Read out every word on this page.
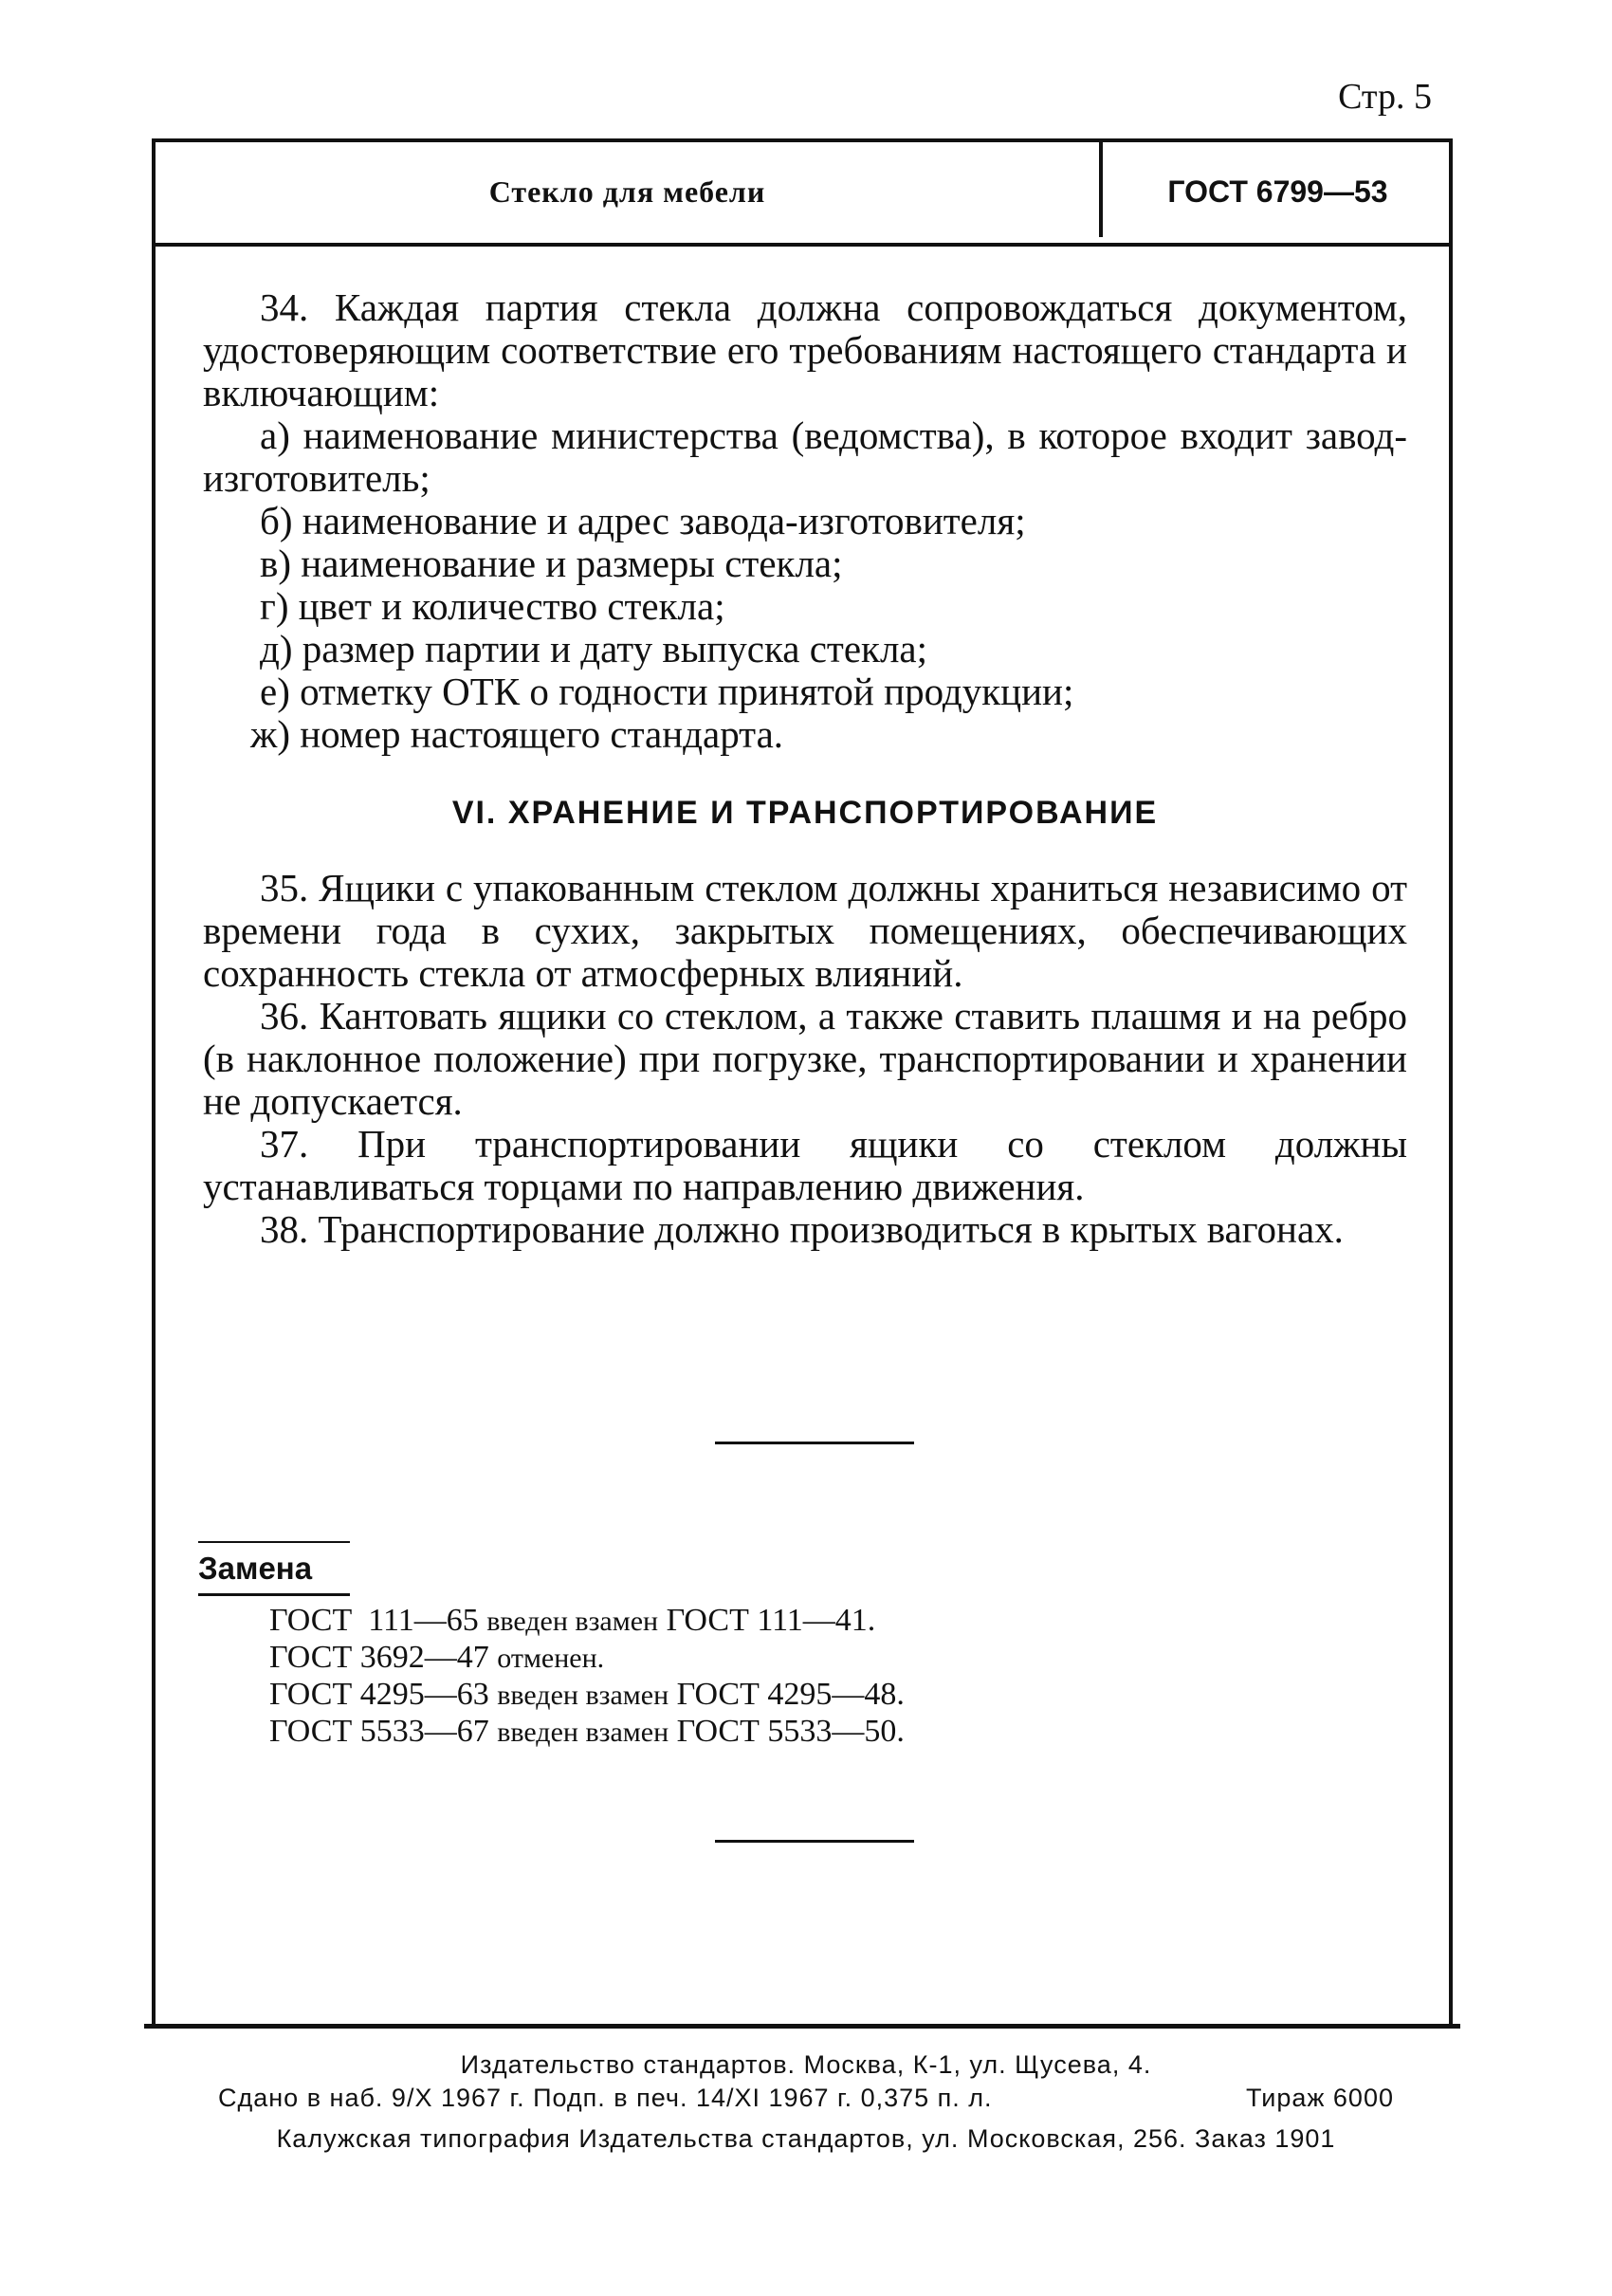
Стр. 5
Стекло для мебели	ГОСТ 6799—53

34. Каждая партия стекла должна сопровождаться документом, удостоверяющим соответствие его требованиям настоящего стандарта и включающим:

а) наименование министерства (ведомства), в которое входит завод-изготовитель;
б) наименование и адрес завода-изготовителя;
в) наименование и размеры стекла;
г) цвет и количество стекла;
д) размер партии и дату выпуска стекла;
е) отметку ОТК о годности принятой продукции;
ж) номер настоящего стандарта.
VI. ХРАНЕНИЕ И ТРАНСПОРТИРОВАНИЕ

35. Ящики с упакованным стеклом должны храниться независимо от времени года в сухих, закрытых помещениях, обеспечивающих сохранность стекла от атмосферных влияний.

36. Кантовать ящики со стеклом, а также ставить плашмя и на ребро (в наклонное положение) при погрузке, транспортировании и хранении не допускается.

37. При транспортировании ящики со стеклом должны устанавливаться торцами по направлению движения.

38. Транспортирование должно производиться в крытых вагонах.

Замена
ГОСТ  111—65 введен взамен ГОСТ 111—41.
ГОСТ 3692—47 отменен.
ГОСТ 4295—63 введен взамен ГОСТ 4295—48.
ГОСТ 5533—67 введен взамен ГОСТ 5533—50.
Издательство стандартов. Москва, К-1, ул. Щусева, 4.
Сдано в наб. 9/Х 1967 г. Подп. в печ. 14/XI 1967 г. 0,375 п. л.	Тираж 6000
Калужская типография Издательства стандартов, ул. Московская, 256. Заказ 1901
